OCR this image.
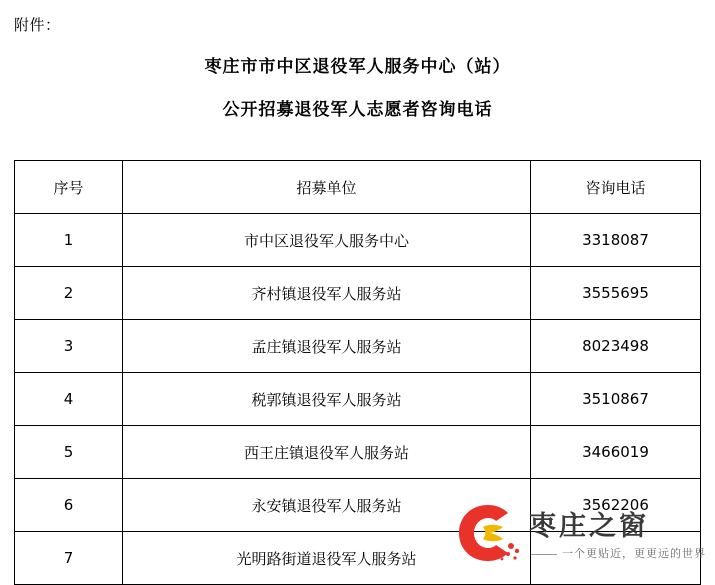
附件：
枣庄市市中区退役军人服务中心（站）
公开招募退役军人志愿者咨询电话
序号	招募单位	咨询电话
1	市中区退役军人服务中心	3318087
2	齐村镇退役军人服务站	3555695
3	孟庄镇退役军人服务站	8023498
4	税郭镇退役军人服务站	3510867
5	西王庄镇退役军人服务站	3466019
6	永安镇退役军人服务站	3562206
7	光明路街道退役军人服务站	
枣庄之窗
一个更贴近，更更远的世界
